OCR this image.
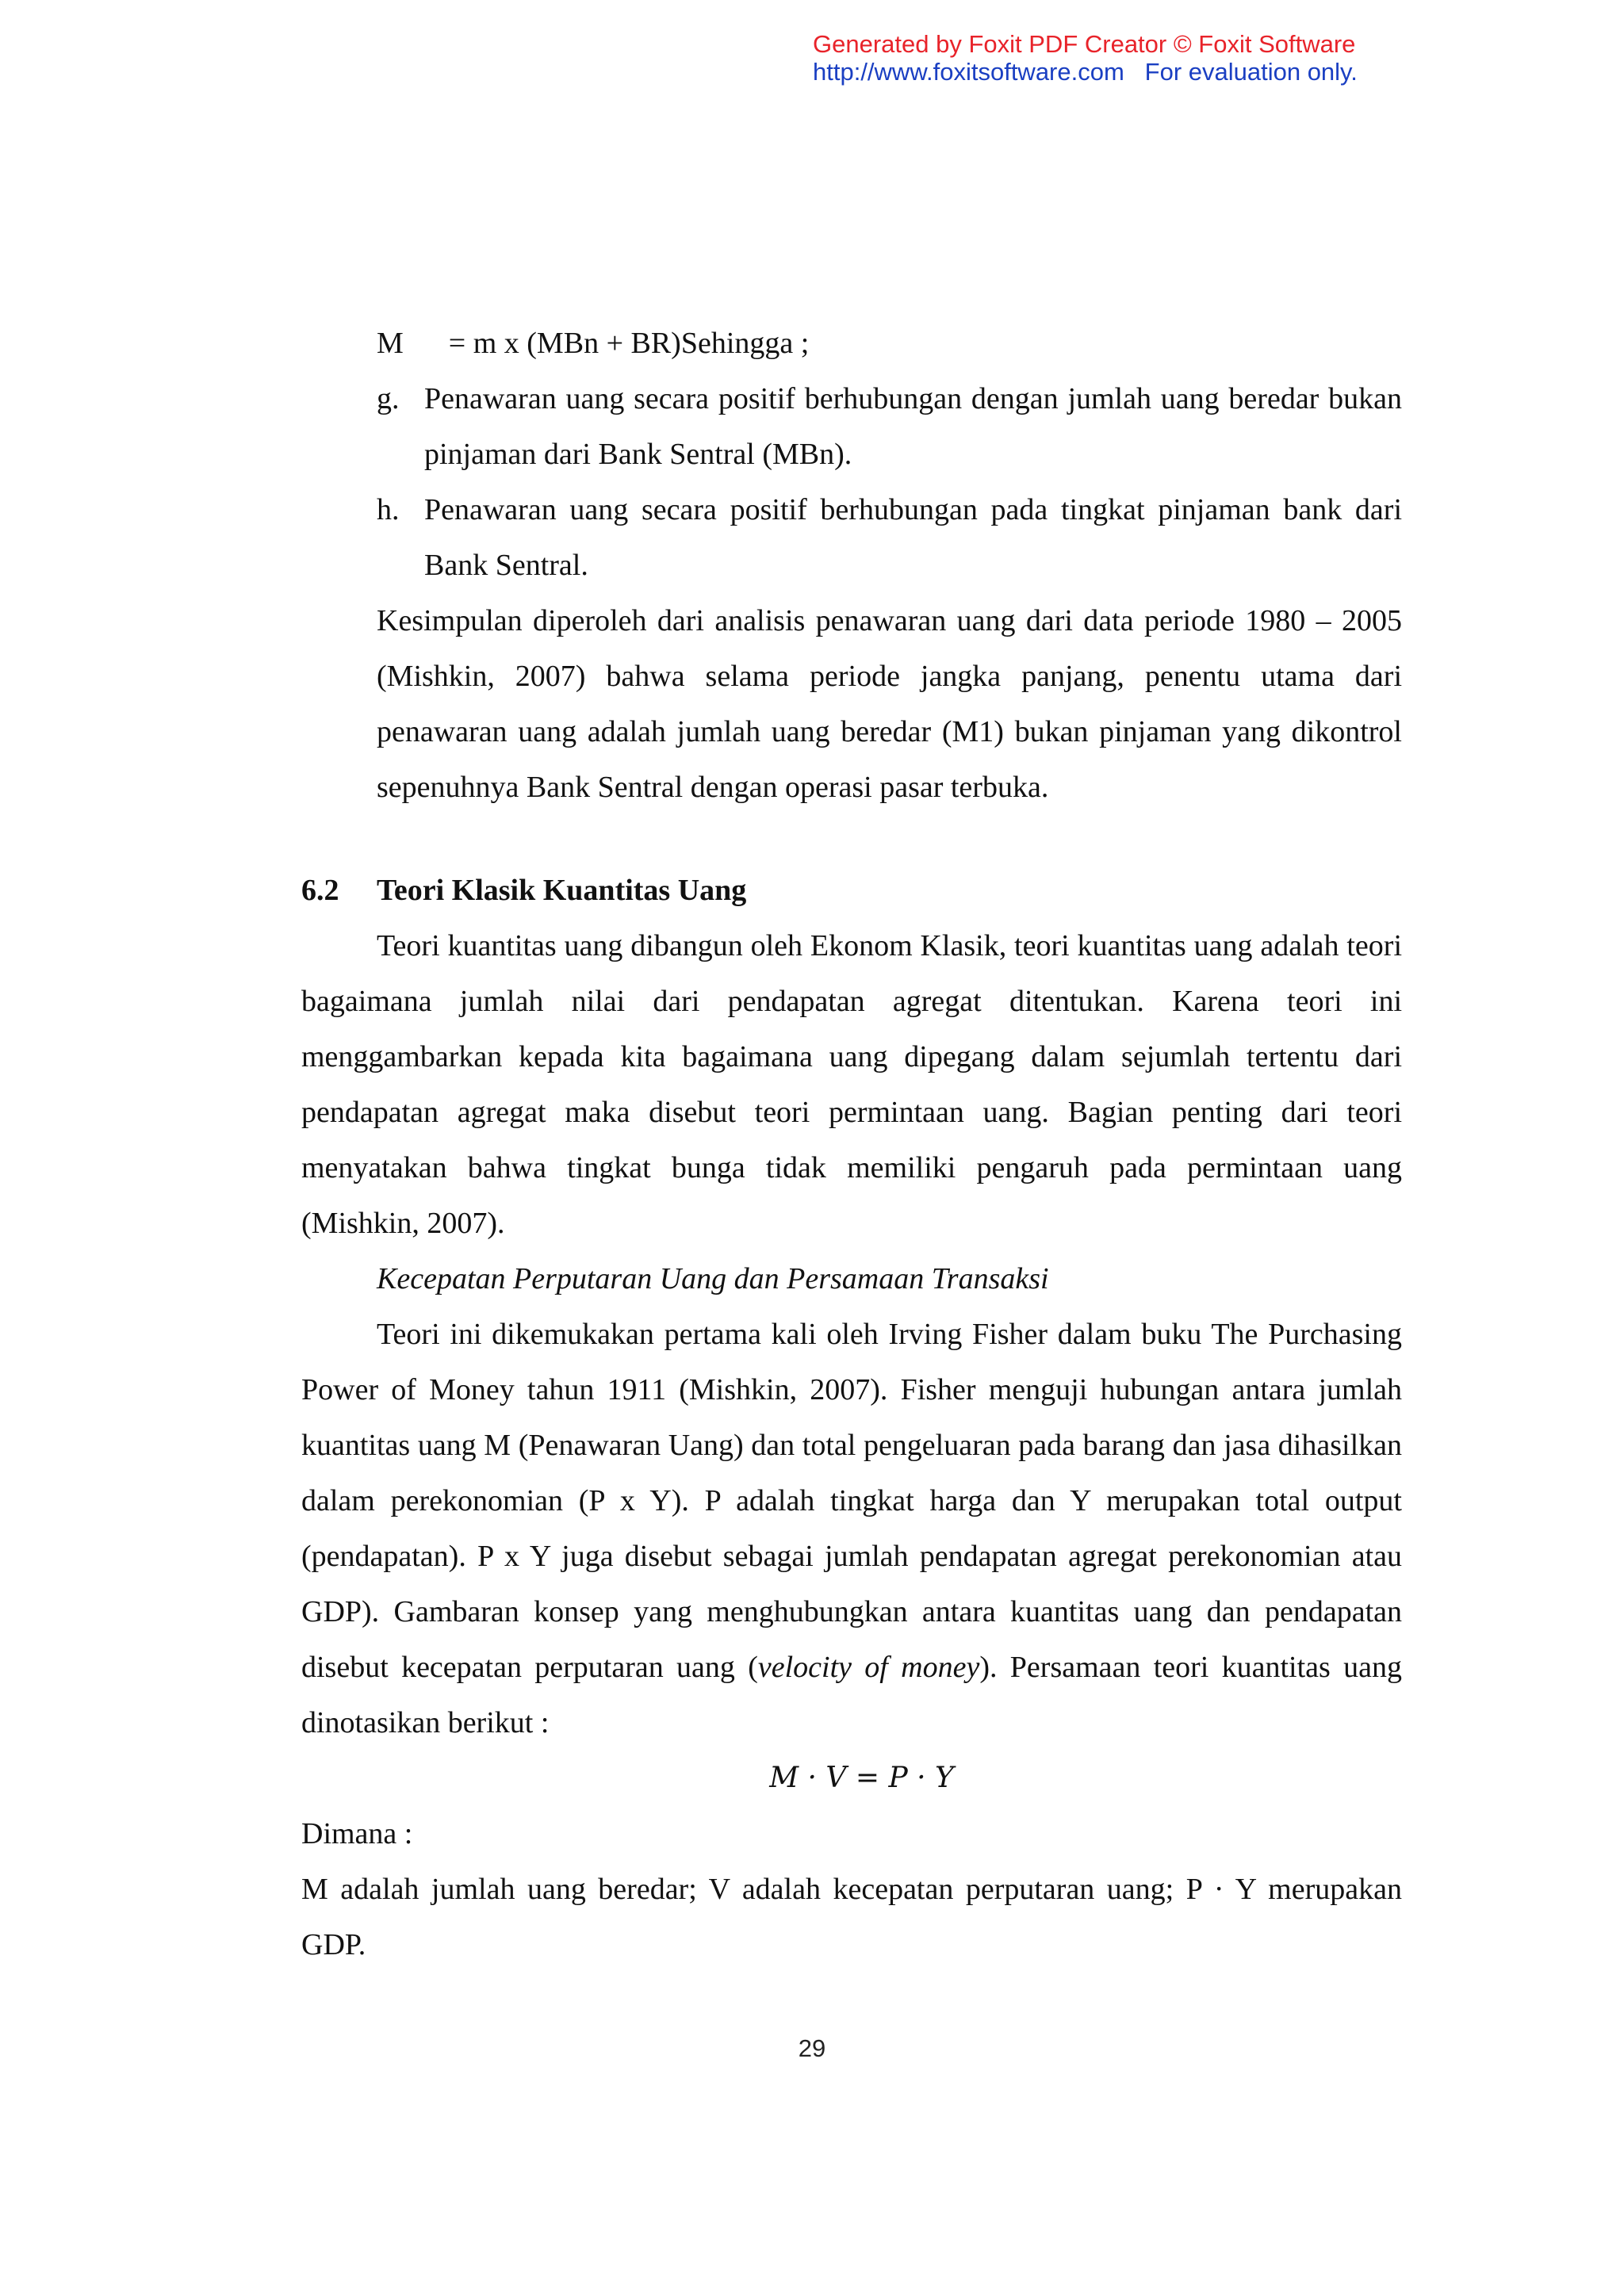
Generated by Foxit PDF Creator © Foxit Software
http://www.foxitsoftware.com   For evaluation only.
M      = m x (MBn + BR)Sehingga ;
g. Penawaran uang secara positif berhubungan dengan jumlah uang beredar bukan pinjaman dari Bank Sentral (MBn).
h. Penawaran uang secara positif berhubungan pada tingkat pinjaman bank dari Bank Sentral.
Kesimpulan diperoleh dari analisis penawaran uang dari data periode 1980 – 2005 (Mishkin, 2007) bahwa selama periode jangka panjang, penentu utama dari penawaran uang adalah jumlah uang beredar (M1) bukan pinjaman yang dikontrol sepenuhnya Bank Sentral dengan operasi pasar terbuka.
6.2 Teori Klasik Kuantitas Uang
Teori kuantitas uang dibangun oleh Ekonom Klasik, teori kuantitas uang adalah teori bagaimana jumlah nilai dari pendapatan agregat ditentukan. Karena teori ini menggambarkan kepada kita bagaimana uang dipegang dalam sejumlah tertentu dari pendapatan agregat maka disebut teori permintaan uang. Bagian penting dari teori menyatakan bahwa tingkat bunga tidak memiliki pengaruh pada permintaan uang (Mishkin, 2007).
Kecepatan Perputaran Uang dan Persamaan Transaksi
Teori ini dikemukakan pertama kali oleh Irving Fisher dalam buku The Purchasing Power of Money tahun 1911 (Mishkin, 2007). Fisher menguji hubungan antara jumlah kuantitas uang M (Penawaran Uang) dan total pengeluaran pada barang dan jasa dihasilkan dalam perekonomian (P x Y). P adalah tingkat harga dan Y merupakan total output (pendapatan). P x Y juga disebut sebagai jumlah pendapatan agregat perekonomian atau GDP). Gambaran konsep yang menghubungkan antara kuantitas uang dan pendapatan disebut kecepatan perputaran uang (velocity of money). Persamaan teori kuantitas uang dinotasikan berikut :
M · V = P · Y
Dimana :
M adalah jumlah uang beredar; V adalah kecepatan perputaran uang; P · Y merupakan GDP.
29
